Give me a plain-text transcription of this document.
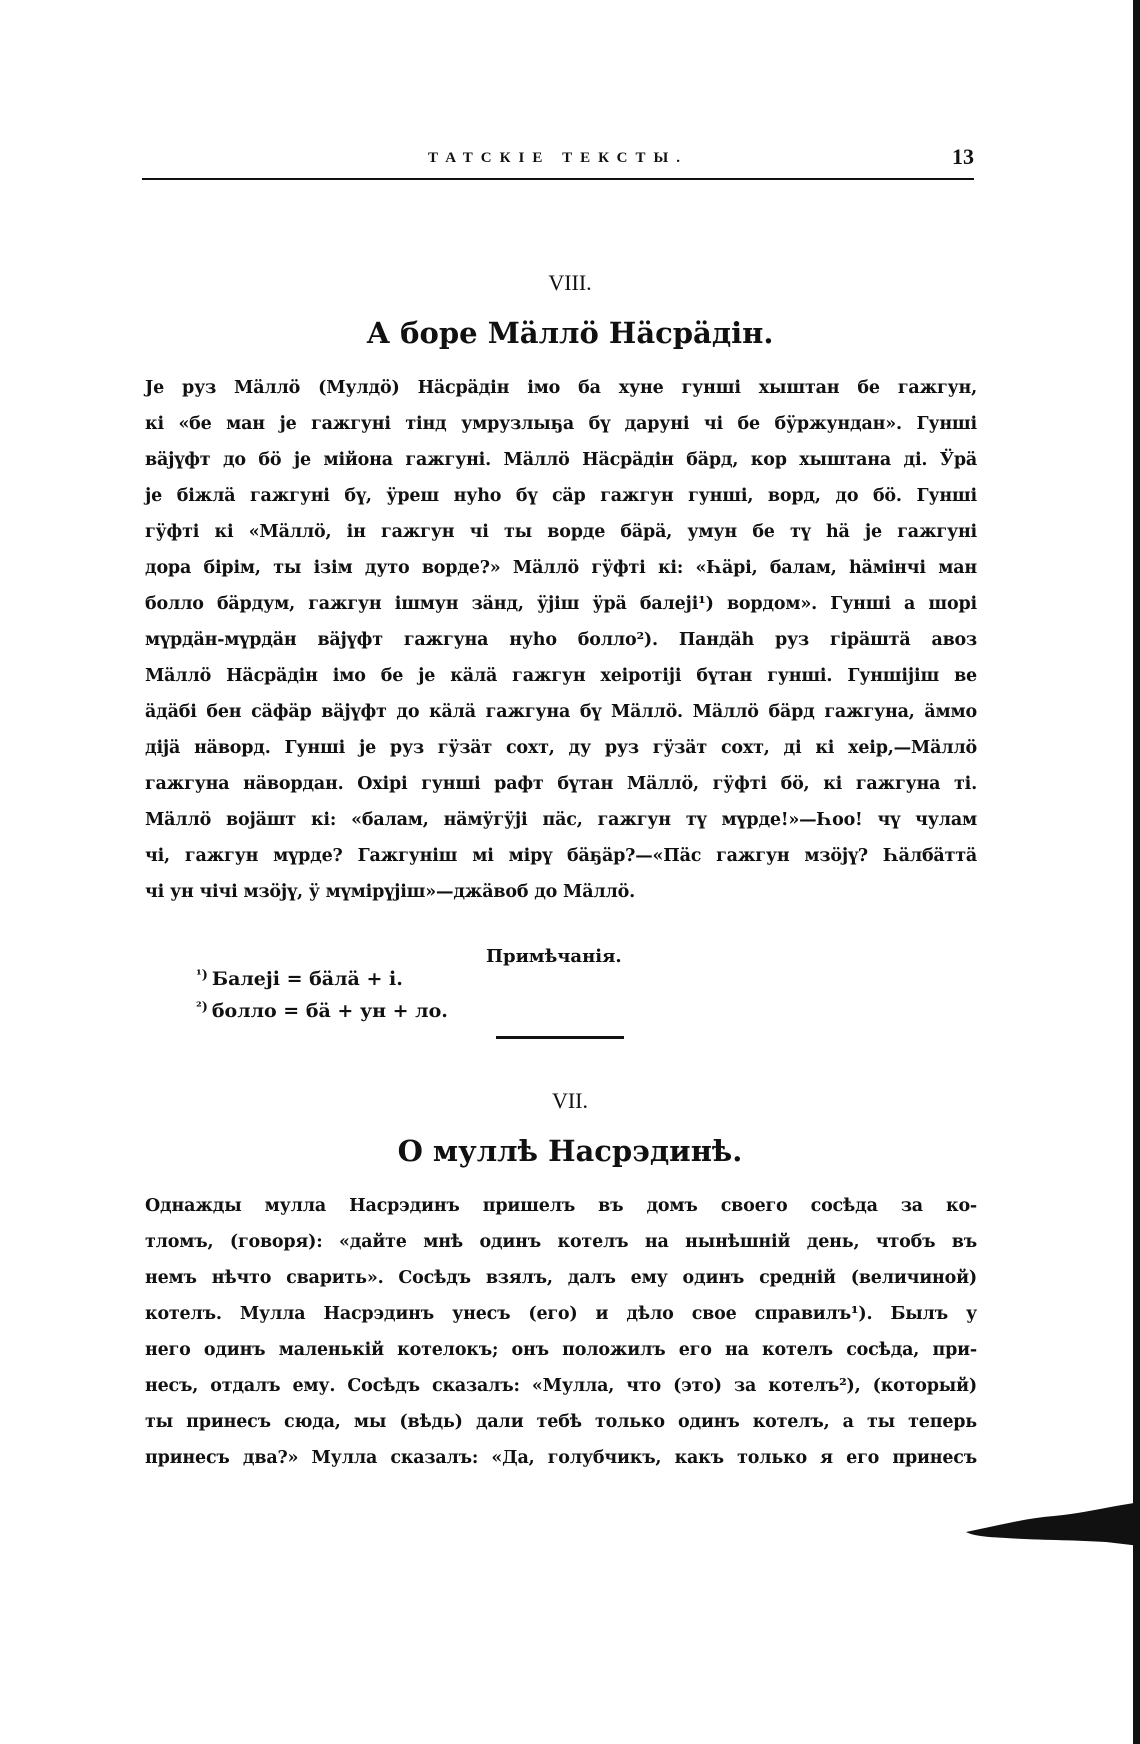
ТАТСКІЕ ТЕКСТЫ.	13
VIII.
А боре Мӓллӧ Нӓсрӓдін.
Је руз Мӓллӧ (Мулдӧ) Нӓсрӓдін імо ба хуне гунші хыштан бе гажгун,
кі «бе ман је гажгуні тінд умрузлыҕа бү даруні чі бе бӱржундан». Гунші
вӓјүфт до бӧ је мійона гажгуні. Мӓллӧ Нӓсрӓдін бӓрд, кор хыштана ді. Ӱрӓ
је біжлӓ гажгуні бү, ӱреш нуһо бү сӓр гажгун гунші, ворд, до бӧ. Гунші
гӱфті кі «Мӓллӧ, ін гажгун чі ты ворде бӓрӓ, умун бе тү һӓ је гажгуні
дора бірім, ты ізім дуто ворде?» Мӓллӧ гӱфті кі: «Һӓрі, балам, һӓмінчі ман
болло бӓрдум, гажгун ішмун зӓнд, ӱјіш ӱрӓ балејі¹) вордом». Гунші а шорі
мүрдӓн-мүрдӓн вӓјүфт гажгуна нуһо болло²). Пандӓһ руз гірӓштӓ авоз
Мӓллӧ Нӓсрӓдін імо бе је кӓлӓ гажгун хеіротіјі бүтан гунші. Гуншіјіш ве
ӓдӓбі бен сӓфӓр вӓјүфт до кӓлӓ гажгуна бү Мӓллӧ. Мӓллӧ бӓрд гажгуна, ӓммо
діјӓ нӓворд. Гунші је руз гӱзӓт сохт, ду руз гӱзӓт сохт, ді кі хеір,—Мӓллӧ
гажгуна нӓвордан. Охірі гунші рафт бүтан Мӓллӧ, гӱфті бӧ, кі гажгуна ті.
Мӓллӧ војӓшт кі: «балам, нӓмӱгӱјі пӓс, гажгун тү мүрде!»—Һоо! чү чулам
чі, гажгун мүрде? Гажгуніш мі мірү бӓҕӓр?—«Пӓс гажгун мзӧјү? Һӓлбӓттӓ
чі ун чічі мзӧјү, ӱ мүмірүјіш»—джӓвоб до Мӓллӧ.
Примѣчанія.
$^{^1)}$ Балејі = бӓлӓ + і.
$^{^2)}$ болло = бӓ + ун + ло.
VII.
О муллѣ Насрэдинѣ.
Однажды мулла Насрэдинъ пришелъ въ домъ своего сосѣда за ко-
тломъ, (говоря): «дайте мнѣ одинъ котелъ на нынѣшній день, чтобъ въ
немъ нѣчто сварить». Сосѣдъ взялъ, далъ ему одинъ средній (величиной)
котелъ. Мулла Насрэдинъ унесъ (его) и дѣло свое справилъ¹). Былъ у
него одинъ маленькій котелокъ; онъ положилъ его на котелъ сосѣда, при-
несъ, отдалъ ему. Сосѣдъ сказалъ: «Мулла, что (это) за котелъ²), (который)
ты принесъ сюда, мы (вѣдь) дали тебѣ только одинъ котелъ, а ты теперь
принесъ два?» Мулла сказалъ: «Да, голубчикъ, какъ только я его принесъ
